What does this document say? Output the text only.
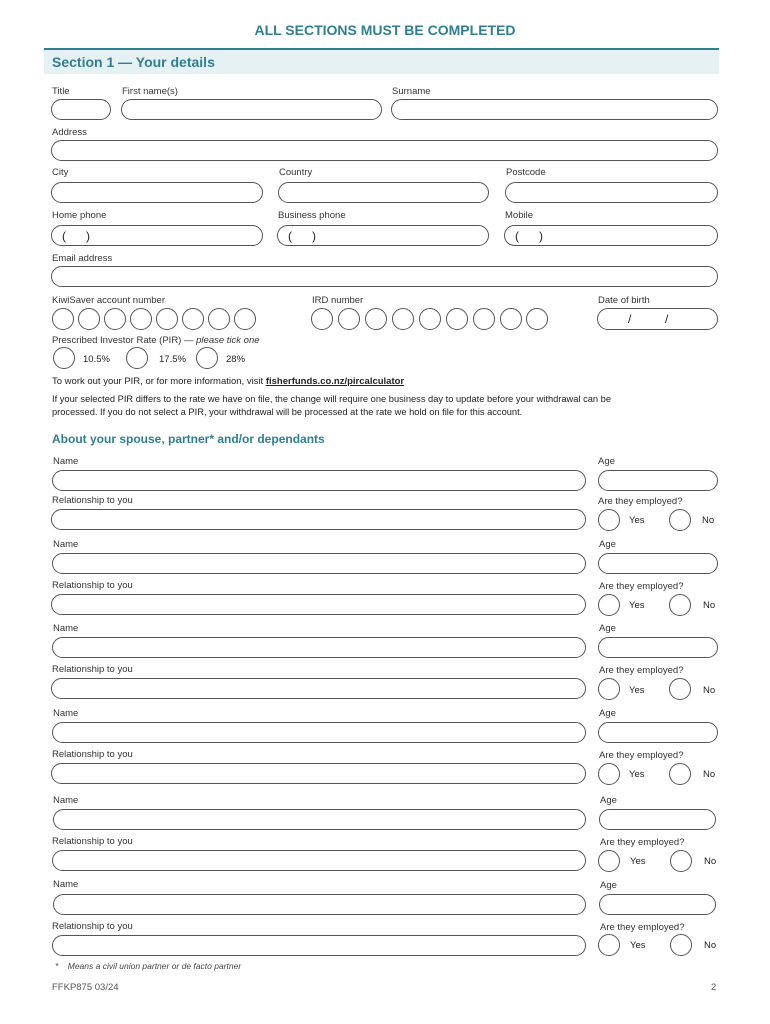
ALL SECTIONS MUST BE COMPLETED
Section 1 — Your details
Title	First name(s)	Surname
Address
City	Country	Postcode
Home phone	Business phone	Mobile
( )	( )	( )
Email address
KiwiSaver account number	IRD number	Date of birth
/	/
Prescribed Investor Rate (PIR) — please tick one
10.5%	17.5%	28%
To work out your PIR, or for more information, visit fisherfunds.co.nz/pircalculator
If your selected PIR differs to the rate we have on file, the change will require one business day to update before your withdrawal can be
processed. If you do not select a PIR, your withdrawal will be processed at the rate we hold on file for this account.
About your spouse, partner* and/or dependants
Name	Age
Relationship to you	Are they employed?
Yes	No
Name	Age
Relationship to you	Are they employed?
Yes	No
Name	Age
Relationship to you	Are they employed?
Yes	No
Name	Age
Relationship to you	Are they employed?
Yes	No
Name	Age
Relationship to you	Are they employed?
Yes	No
Name	Age
Relationship to you	Are they employed?
Yes	No
*    Means a civil union partner or de facto partner
FFKP875 03/24	2
